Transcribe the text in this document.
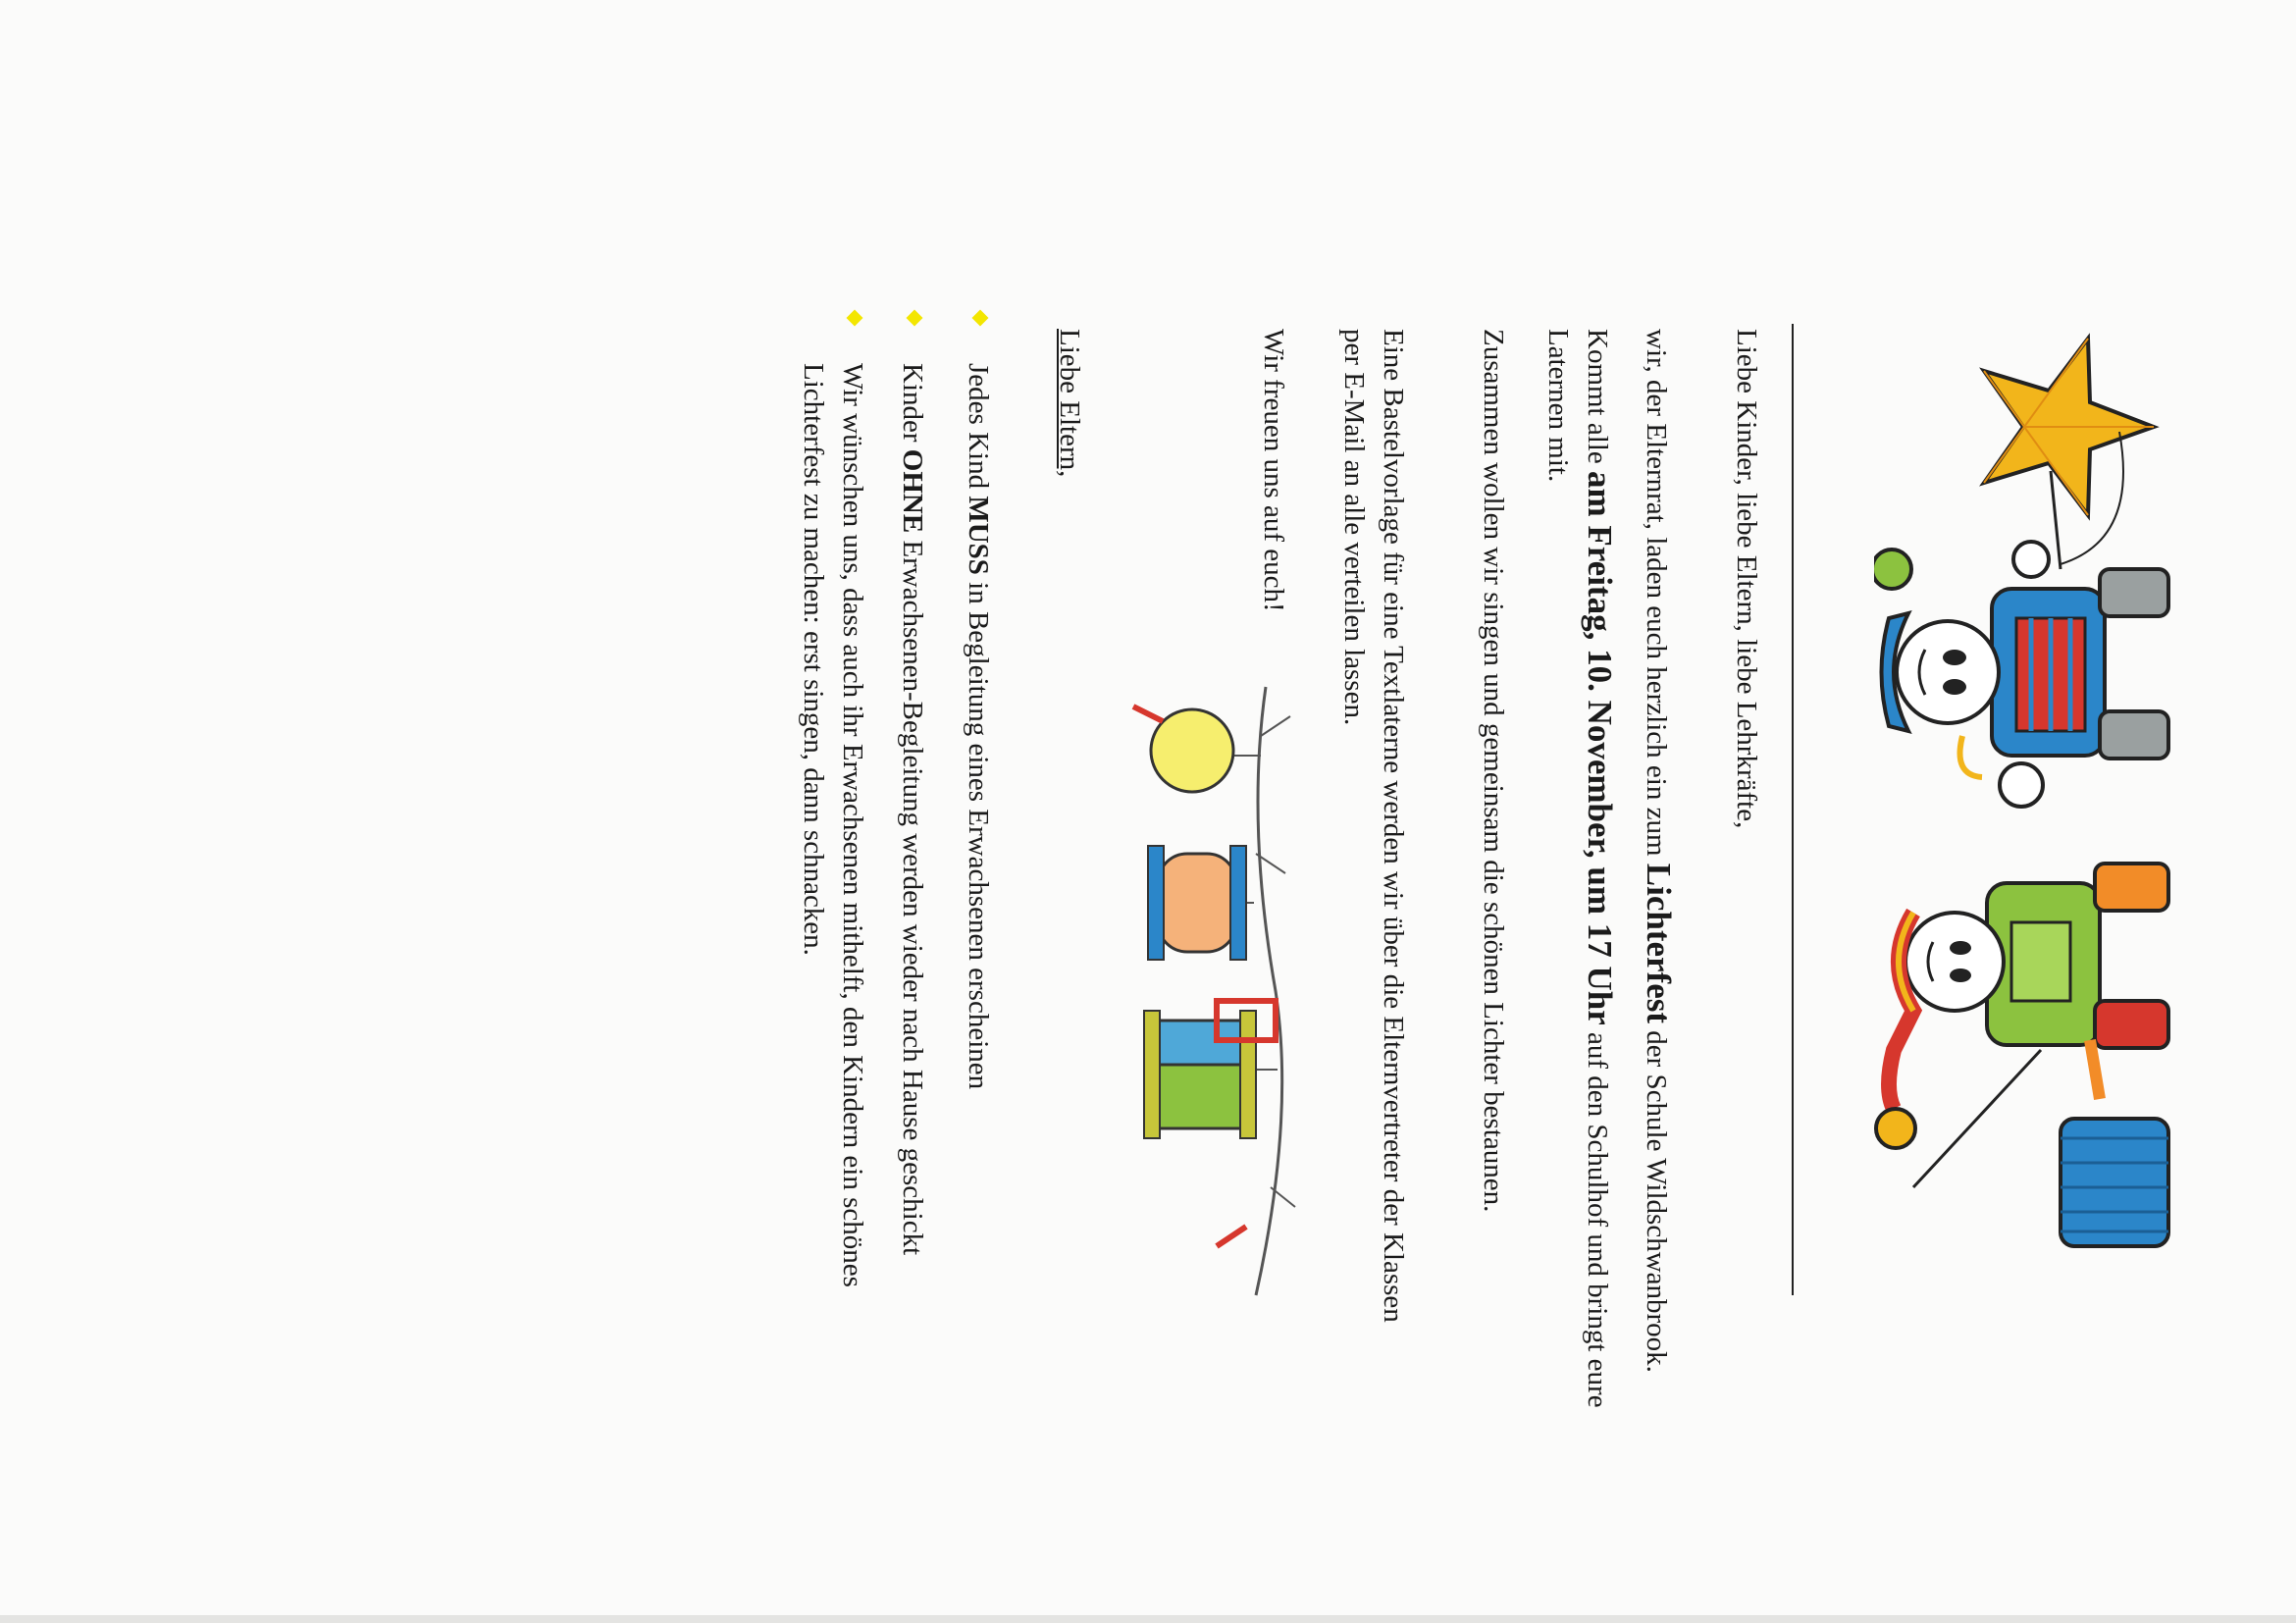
Liebe Kinder, liebe Eltern, liebe Lehrkräfte,
wir, der Elternrat, laden euch herzlich ein zum Lichterfest der Schule Wildschwanbrook.
Kommt alle am Freitag, 10. November, um 17 Uhr auf den Schulhof und bringt eure
Laternen mit.
Zusammen wollen wir singen und gemeinsam die schönen Lichter bestaunen.
Eine Bastelvorlage für eine Textlaterne werden wir über die Elternvertreter der Klassen
per E-Mail an alle verteilen lassen.
Wir freuen uns auf euch!
Liebe Eltern,
Jedes Kind MUSS in Begleitung eines Erwachsenen erscheinen
Kinder OHNE Erwachsenen-Begleitung werden wieder nach Hause geschickt
Wir wünschen uns, dass auch ihr Erwachsenen mithelft, den Kindern ein schönes
Lichterfest zu machen: erst singen, dann schnacken.
